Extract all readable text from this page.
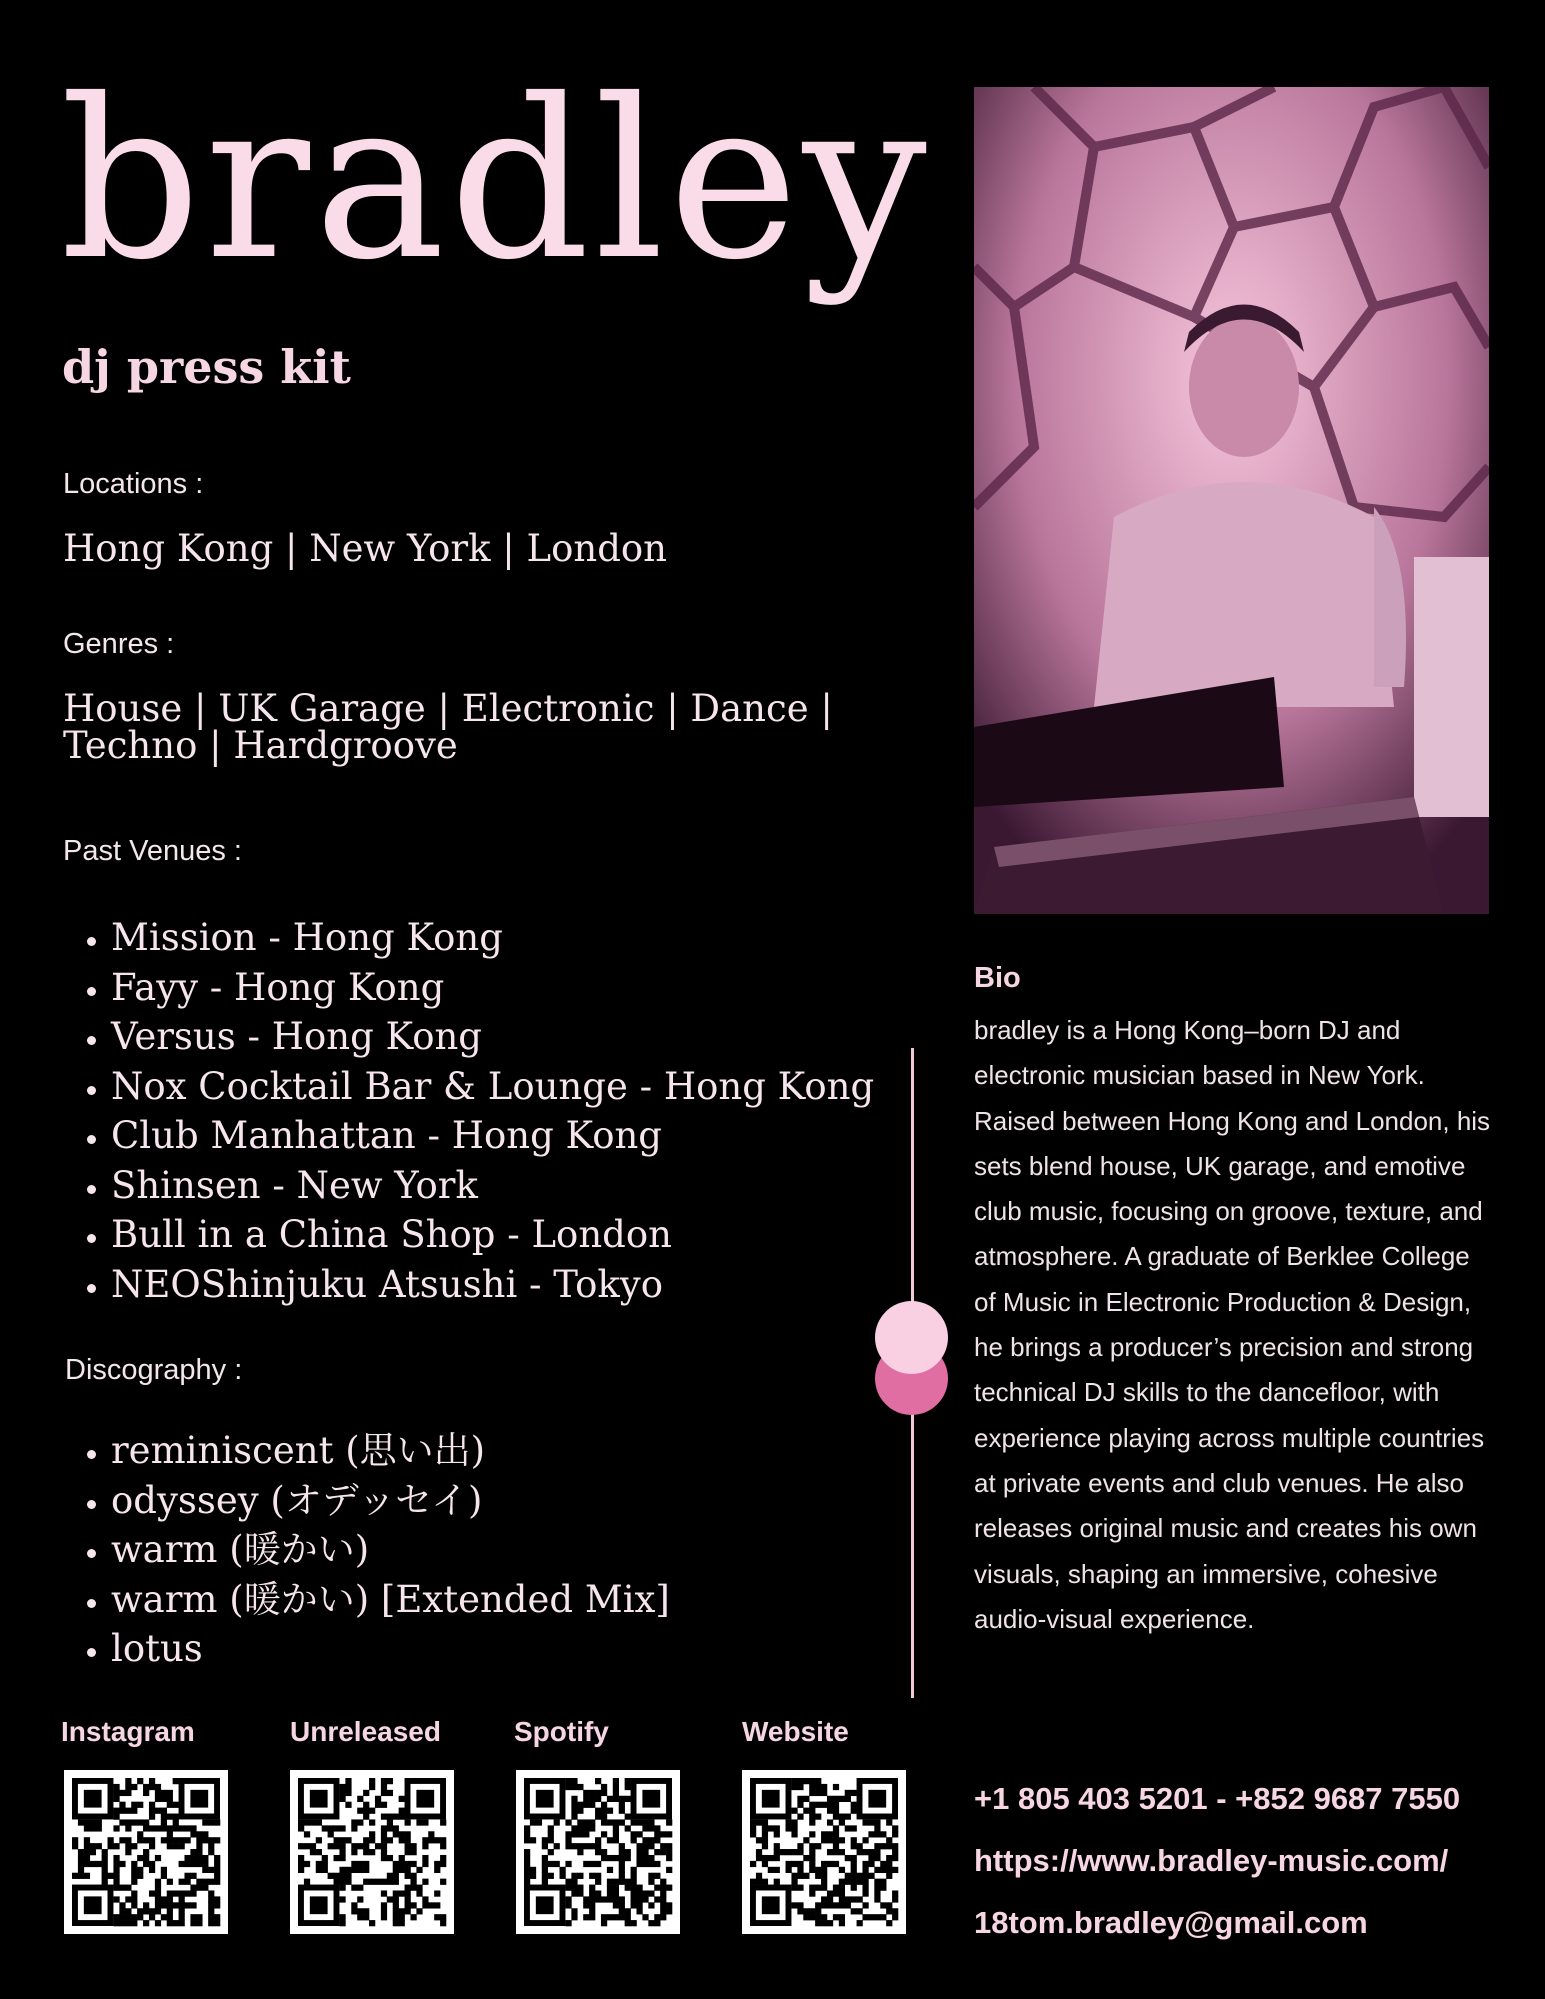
bradley
dj press kit

Locations :

Hong Kong | New York | London

Genres :

House | UK Garage | Electronic | Dance | Techno | Hardgroove

Past Venues :

• Mission - Hong Kong
• Fayy - Hong Kong
• Versus - Hong Kong
• Nox Cocktail Bar & Lounge - Hong Kong
• Club Manhattan - Hong Kong
• Shinsen - New York
• Bull in a China Shop - London
• NEOShinjuku Atsushi - Tokyo

Discography :

• reminiscent (思い出)
• odyssey (オデッセイ)
• warm (暖かい)
• warm (暖かい) [Extended Mix]
• lotus

Bio

bradley is a Hong Kong–born DJ and electronic musician based in New York. Raised between Hong Kong and London, his sets blend house, UK garage, and emotive club music, focusing on groove, texture, and atmosphere. A graduate of Berklee College of Music in Electronic Production & Design, he brings a producer’s precision and strong technical DJ skills to the dancefloor, with experience playing across multiple countries at private events and club venues. He also releases original music and creates his own visuals, shaping an immersive, cohesive audio-visual experience.

Instagram	Unreleased	Spotify	Website

+1 805 403 5201 - +852 9687 7550

https://www.bradley-music.com/

18tom.bradley@gmail.com
